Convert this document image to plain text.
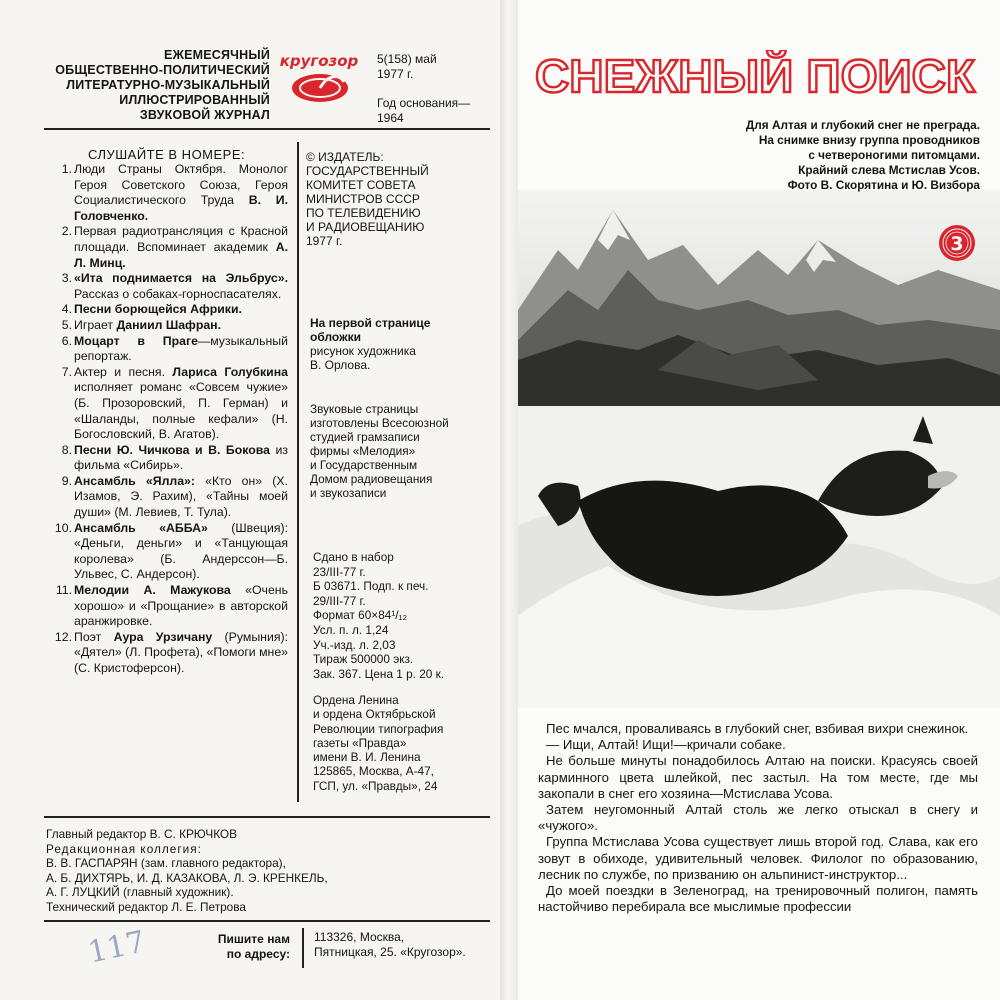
ЕЖЕМЕСЯЧНЫЙ
ОБЩЕСТВЕННО-ПОЛИТИЧЕСКИЙ
ЛИТЕРАТУРНО-МУЗЫКАЛЬНЫЙ
ИЛЛЮСТРИРОВАННЫЙ
ЗВУКОВОЙ ЖУРНАЛ
кругозор 5(158) май
1977 г.
Год основания—
1964
СЛУШАЙТЕ В НОМЕРЕ:
1. Люди Страны Октября. Монолог Героя Советского Союза, Героя Социалистического Труда В. И. Головченко.
2. Первая радиотрансляция с Красной площади. Вспоминает академик А. Л. Минц.
3. «Ита поднимается на Эльбрус». Рассказ о собаках-горноспасателях.
4. Песни борющейся Африки.
5. Играет Даниил Шафран.
6. Моцарт в Праге—музыкальный репортаж.
7. Актер и песня. Лариса Голубкина исполняет романс «Совсем чужие» (Б. Прозоровский, П. Герман) и «Шаланды, полные кефали» (Н. Богословский, В. Агатов).
8. Песни Ю. Чичкова и В. Бокова из фильма «Сибирь».
9. Ансамбль «Ялла»: «Кто он» (Х. Изамов, Э. Рахим), «Тайны моей души» (М. Левиев, Т. Тула).
10. Ансамбль «АББА» (Швеция): «Деньги, деньги» и «Танцующая королева» (Б. Андерссон—Б. Ульвес, С. Андерсон).
11. Мелодии А. Мажукова «Очень хорошо» и «Прощание» в авторской аранжировке.
12. Поэт Аура Урзичану (Румыния): «Дятел» (Л. Профета), «Помоги мне» (С. Кристоферсон).
© ИЗДАТЕЛЬ:
ГОСУДАРСТВЕННЫЙ
КОМИТЕТ СОВЕТА
МИНИСТРОВ СССР
ПО ТЕЛЕВИДЕНИЮ
И РАДИОВЕЩАНИЮ
1977 г.
На первой странице
обложки
рисунок художника
В. Орлова.
Звуковые страницы
изготовлены Всесоюзной
студией грамзаписи
фирмы «Мелодия»
и Государственным
Домом радиовещания
и звукозаписи
Сдано в набор
23/III-77 г.
Б 03671. Подп. к печ.
29/III-77 г.
Формат 60×84¹/₁₂
Усл. п. л. 1,24
Уч.-изд. л. 2,03
Тираж 500000 экз.
Зак. 367. Цена 1 р. 20 к.
Ордена Ленина
и ордена Октябрьской
Революции типография
газеты «Правда»
имени В. И. Ленина
125865, Москва, А-47,
ГСП, ул. «Правды», 24
Главный редактор В. С. КРЮЧКОВ
Редакционная коллегия:
В. В. ГАСПАРЯН (зам. главного редактора),
А. Б. ДИХТЯРЬ, И. Д. КАЗАКОВА, Л. Э. КРЕНКЕЛЬ,
А. Г. ЛУЦКИЙ (главный художник).
Технический редактор Л. Е. Петрова
117	Пишите нам
по адресу:
113326, Москва,
Пятницкая, 25. «Кругозор».
СНЕЖНЫЙ ПОИСК
Для Алтая и глубокий снег не преграда.
На снимке внизу группа проводников
с четвероногими питомцами.
Крайний слева Мстислав Усов.
Фото В. Скорятина и Ю. Визбора
3

Пес мчался, проваливаясь в глубокий снег, взбивая вихри снежинок.

— Ищи, Алтай! Ищи!—кричали собаке.

Не больше минуты понадобилось Алтаю на поиски. Красуясь своей карминного цвета шлейкой, пес застыл. На том месте, где мы закопали в снег его хозяина—Мстислава Усова.

Затем неугомонный Алтай столь же легко отыскал в снегу и «чужого».

Группа Мстислава Усова существует лишь второй год. Слава, как его зовут в обиходе, удивительный человек. Филолог по образованию, лесник по службе, по призванию он альпинист-инструктор...

До моей поездки в Зеленоград, на тренировочный полигон, память настойчиво перебирала все мыслимые профессии
